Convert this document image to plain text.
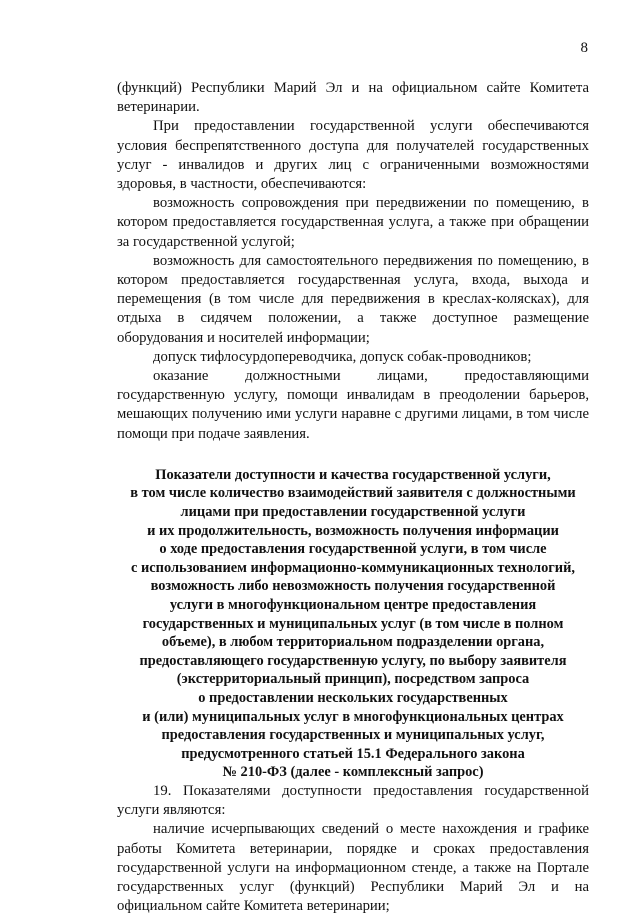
8

(функций) Республики Марий Эл и на официальном сайте Комитета ветеринарии.

При предоставлении государственной услуги обеспечиваются условия беспрепятственного доступа для получателей государственных услуг - инвалидов и других лиц с ограниченными возможностями здоровья, в частности, обеспечиваются:

возможность сопровождения при передвижении по помещению, в котором предоставляется государственная услуга, а также при обращении за государственной услугой;

возможность для самостоятельного передвижения по помещению, в котором предоставляется государственная услуга, входа, выхода и перемещения (в том числе для передвижения в креслах-колясках), для отдыха в сидячем положении, а также доступное размещение оборудования и носителей информации;

допуск тифлосурдопереводчика, допуск собак-проводников;

оказание должностными лицами, предоставляющими государственную услугу, помощи инвалидам в преодолении барьеров, мешающих получению ими услуги наравне с другими лицами, в том числе помощи при подаче заявления.

Показатели доступности и качества государственной услуги,
в том числе количество взаимодействий заявителя с должностными
лицами при предоставлении государственной услуги
и их продолжительность, возможность получения информации
о ходе предоставления государственной услуги, в том числе
с использованием информационно-коммуникационных технологий,
возможность либо невозможность получения государственной
услуги в многофункциональном центре предоставления
государственных и муниципальных услуг (в том числе в полном
объеме), в любом территориальном подразделении органа,
предоставляющего государственную услугу, по выбору заявителя
(экстерриториальный принцип), посредством запроса
о предоставлении нескольких государственных
и (или) муниципальных услуг в многофункциональных центрах
предоставления государственных и муниципальных услуг,
предусмотренного статьей 15.1 Федерального закона
№ 210-ФЗ (далее - комплексный запрос)

19. Показателями доступности предоставления государственной услуги являются:

наличие исчерпывающих сведений о месте нахождения и графике работы Комитета ветеринарии, порядке и сроках предоставления государственной услуги на информационном стенде, а также на Портале государственных услуг (функций) Республики Марий Эл и на официальном сайте Комитета ветеринарии;
